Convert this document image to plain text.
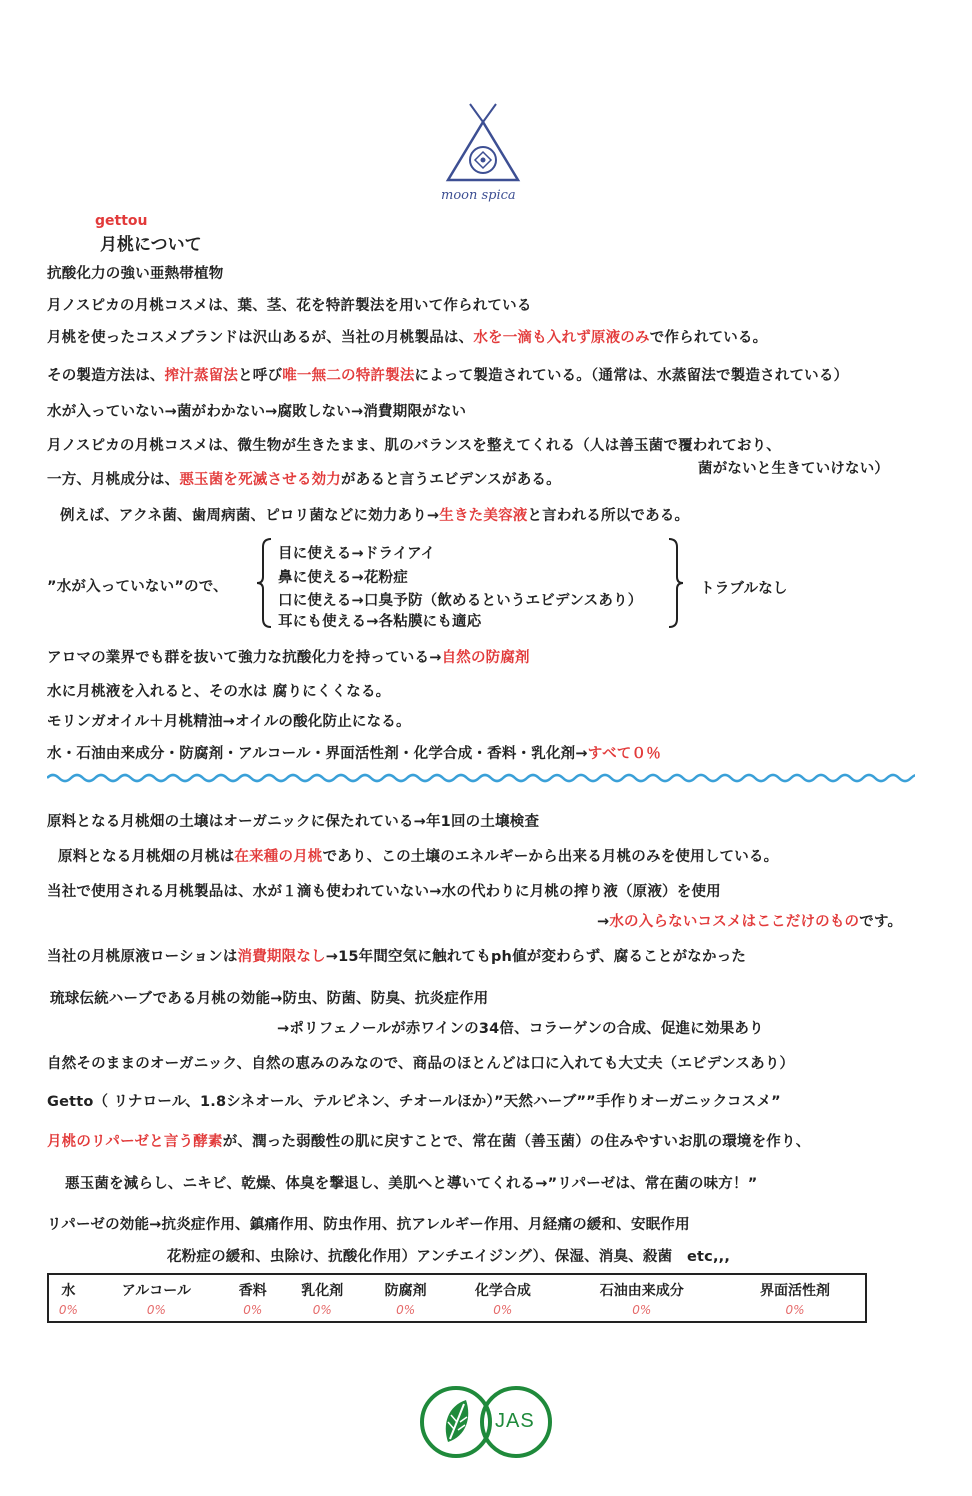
moon spica
gettou
月桃について
抗酸化力の強い亜熱帯植物
月ノスピカの月桃コスメは、葉、茎、花を特許製法を用いて作られている
月桃を使ったコスメブランドは沢山あるが、当社の月桃製品は、水を一滴も入れず原液のみで作られている。
その製造方法は、搾汁蒸留法と呼び唯一無二の特許製法によって製造されている。（通常は、水蒸留法で製造されている）
水が入っていない→菌がわかない→腐敗しない→消費期限がない
月ノスピカの月桃コスメは、微生物が生きたまま、肌のバランスを整えてくれる（人は善玉菌で覆われており、
菌がないと生きていけない）
一方、月桃成分は、悪玉菌を死滅させる効力があると言うエビデンスがある。
例えば、アクネ菌、歯周病菌、ピロリ菌などに効力あり→生きた美容液と言われる所以である。
”水が入っていない”ので、
目に使える→ドライアイ
鼻に使える→花粉症
口に使える→口臭予防（飲めるというエビデンスあり）
耳にも使える→各粘膜にも適応
トラブルなし
アロマの業界でも群を抜いて強力な抗酸化力を持っている→自然の防腐剤
水に月桃液を入れると、その水は 腐りにくくなる。
モリンガオイル＋月桃精油→オイルの酸化防止になる。
水・石油由来成分・防腐剤・アルコール・界面活性剤・化学合成・香料・乳化剤→すべて０％
原料となる月桃畑の土壌はオーガニックに保たれている→年1回の土壌検査
原料となる月桃畑の月桃は在来種の月桃であり、この土壌のエネルギーから出来る月桃のみを使用している。
当社で使用される月桃製品は、水が１滴も使われていない→水の代わりに月桃の搾り液（原液）を使用
→水の入らないコスメはここだけのものです。
当社の月桃原液ローションは消費期限なし→15年間空気に触れてもph値が変わらず、腐ることがなかった
琉球伝統ハーブである月桃の効能→防虫、防菌、防臭、抗炎症作用
→ポリフェノールが赤ワインの34倍、コラーゲンの合成、促進に効果あり
自然そのままのオーガニック、自然の恵みのみなので、商品のほとんどは口に入れても大丈夫（エビデンスあり）
Getto（ リナロール、1.8シネオール、テルピネン、チオールほか）”天然ハーブ””手作りオーガニックコスメ”
月桃のリパーゼと言う酵素が、潤った弱酸性の肌に戻すことで、常在菌（善玉菌）の住みやすいお肌の環境を作り、
悪玉菌を減らし、ニキビ、乾燥、体臭を撃退し、美肌へと導いてくれる→”リパーゼは、常在菌の味方！”
リパーゼの効能→抗炎症作用、鎮痛作用、防虫作用、抗アレルギー作用、月経痛の緩和、安眠作用
花粉症の緩和、虫除け、抗酸化作用）アンチエイジング）、保湿、消臭、殺菌　etc,,,
水	アルコール	香料	乳化剤	防腐剤	化学合成	石油由来成分	界面活性剤
0%	0%	0%	0%	0%	0%	0%	0%
JAS
